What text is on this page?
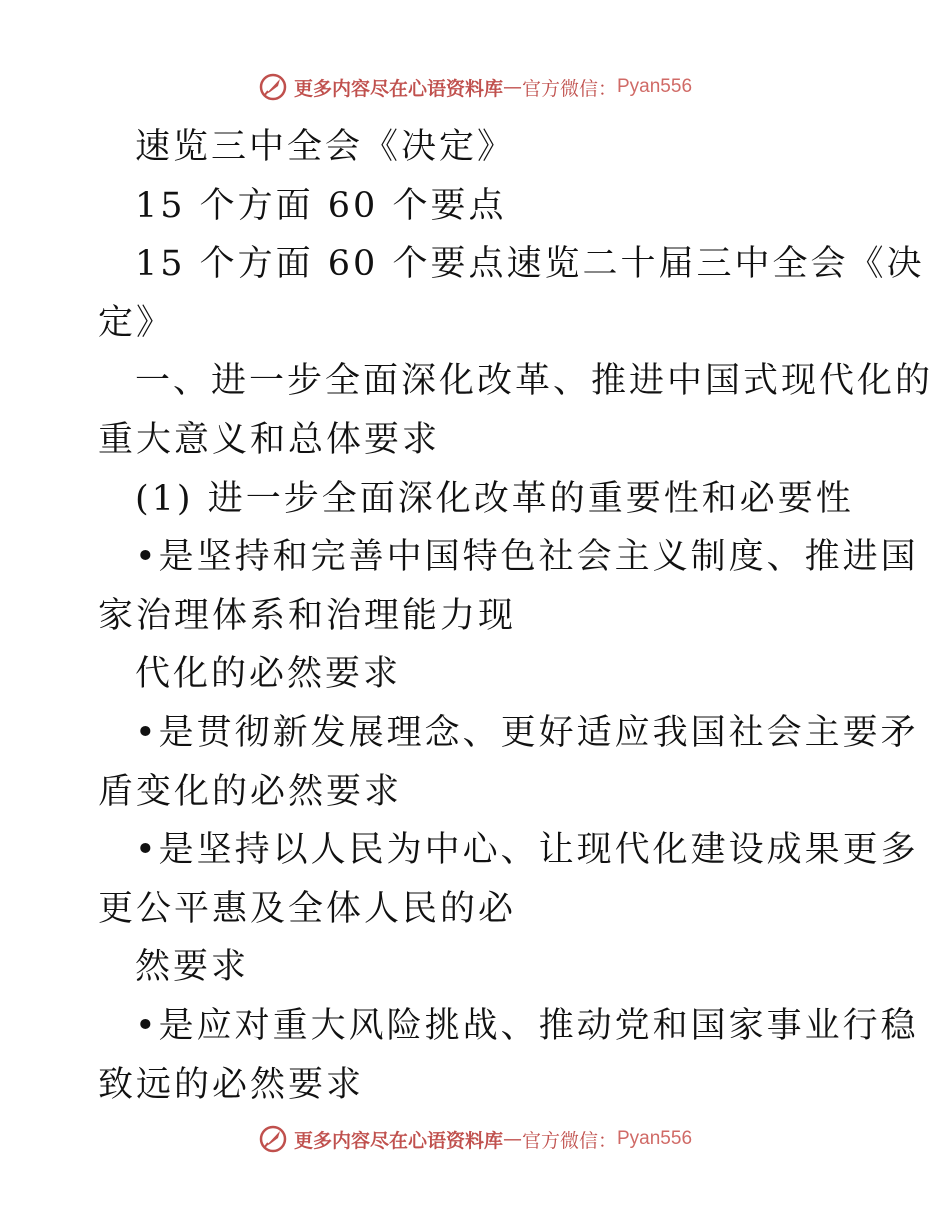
更多内容尽在心语资料库 — 官方微信： Pyan556
速览三中全会《决定》
15 个方面 60 个要点
15 个方面 60 个要点速览二十届三中全会《决
定》
一、进一步全面深化改革、推进中国式现代化的
重大意义和总体要求
(1) 进一步全面深化改革的重要性和必要性
•是坚持和完善中国特色社会主义制度、推进国
家治理体系和治理能力现
代化的必然要求
•是贯彻新发展理念、更好适应我国社会主要矛
盾变化的必然要求
•是坚持以人民为中心、让现代化建设成果更多
更公平惠及全体人民的必
然要求
•是应对重大风险挑战、推动党和国家事业行稳
致远的必然要求
更多内容尽在心语资料库 — 官方微信： Pyan556
